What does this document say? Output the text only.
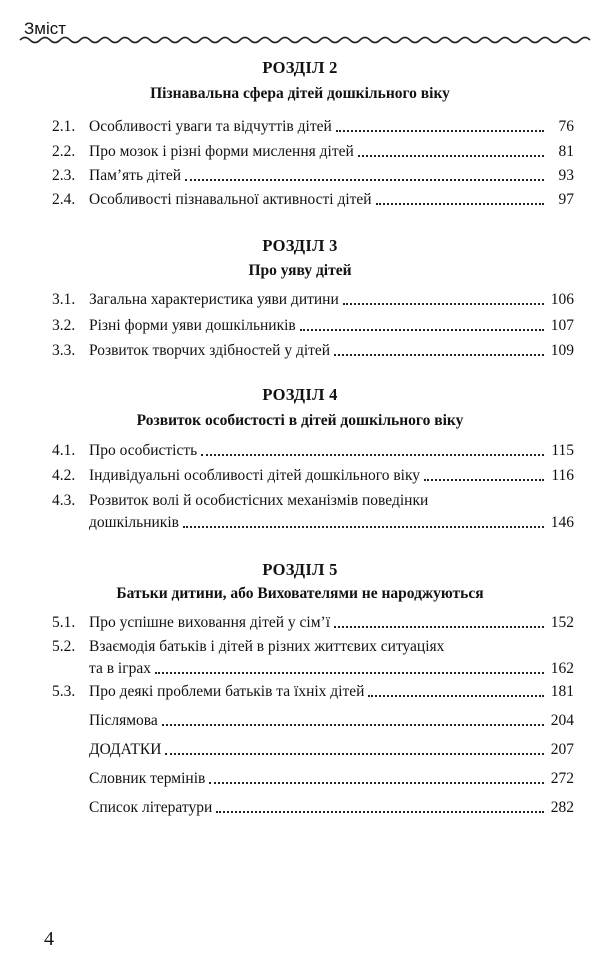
Зміст
РОЗДІЛ 2
Пізнавальна сфера дітей дошкільного віку
2.1. Особливості уваги та відчуттів дітей	76
2.2. Про мозок і різні форми мислення дітей	81
2.3. Пам’ять дітей	93
2.4. Особливості пізнавальної активності дітей	97
РОЗДІЛ 3
Про уяву дітей
3.1. Загальна характеристика уяви дитини	106
3.2. Різні форми уяви дошкільників	107
3.3. Розвиток творчих здібностей у дітей	109
РОЗДІЛ 4
Розвиток особистості в дітей дошкільного віку
4.1. Про особистість	115
4.2. Індивідуальні особливості дітей дошкільного віку	116
4.3. Розвиток волі й особистісних механізмів поведінки
дошкільників	146
РОЗДІЛ 5
Батьки дитини, або Вихователями не народжуються
5.1. Про успішне виховання дітей у сім’ї	152
5.2. Взаємодія батьків і дітей в різних життєвих ситуаціях
та в іграх	162
5.3. Про деякі проблеми батьків та їхніх дітей	181
Післямова	204
ДОДАТКИ	207
Словник термінів	272
Список літератури	282
4
